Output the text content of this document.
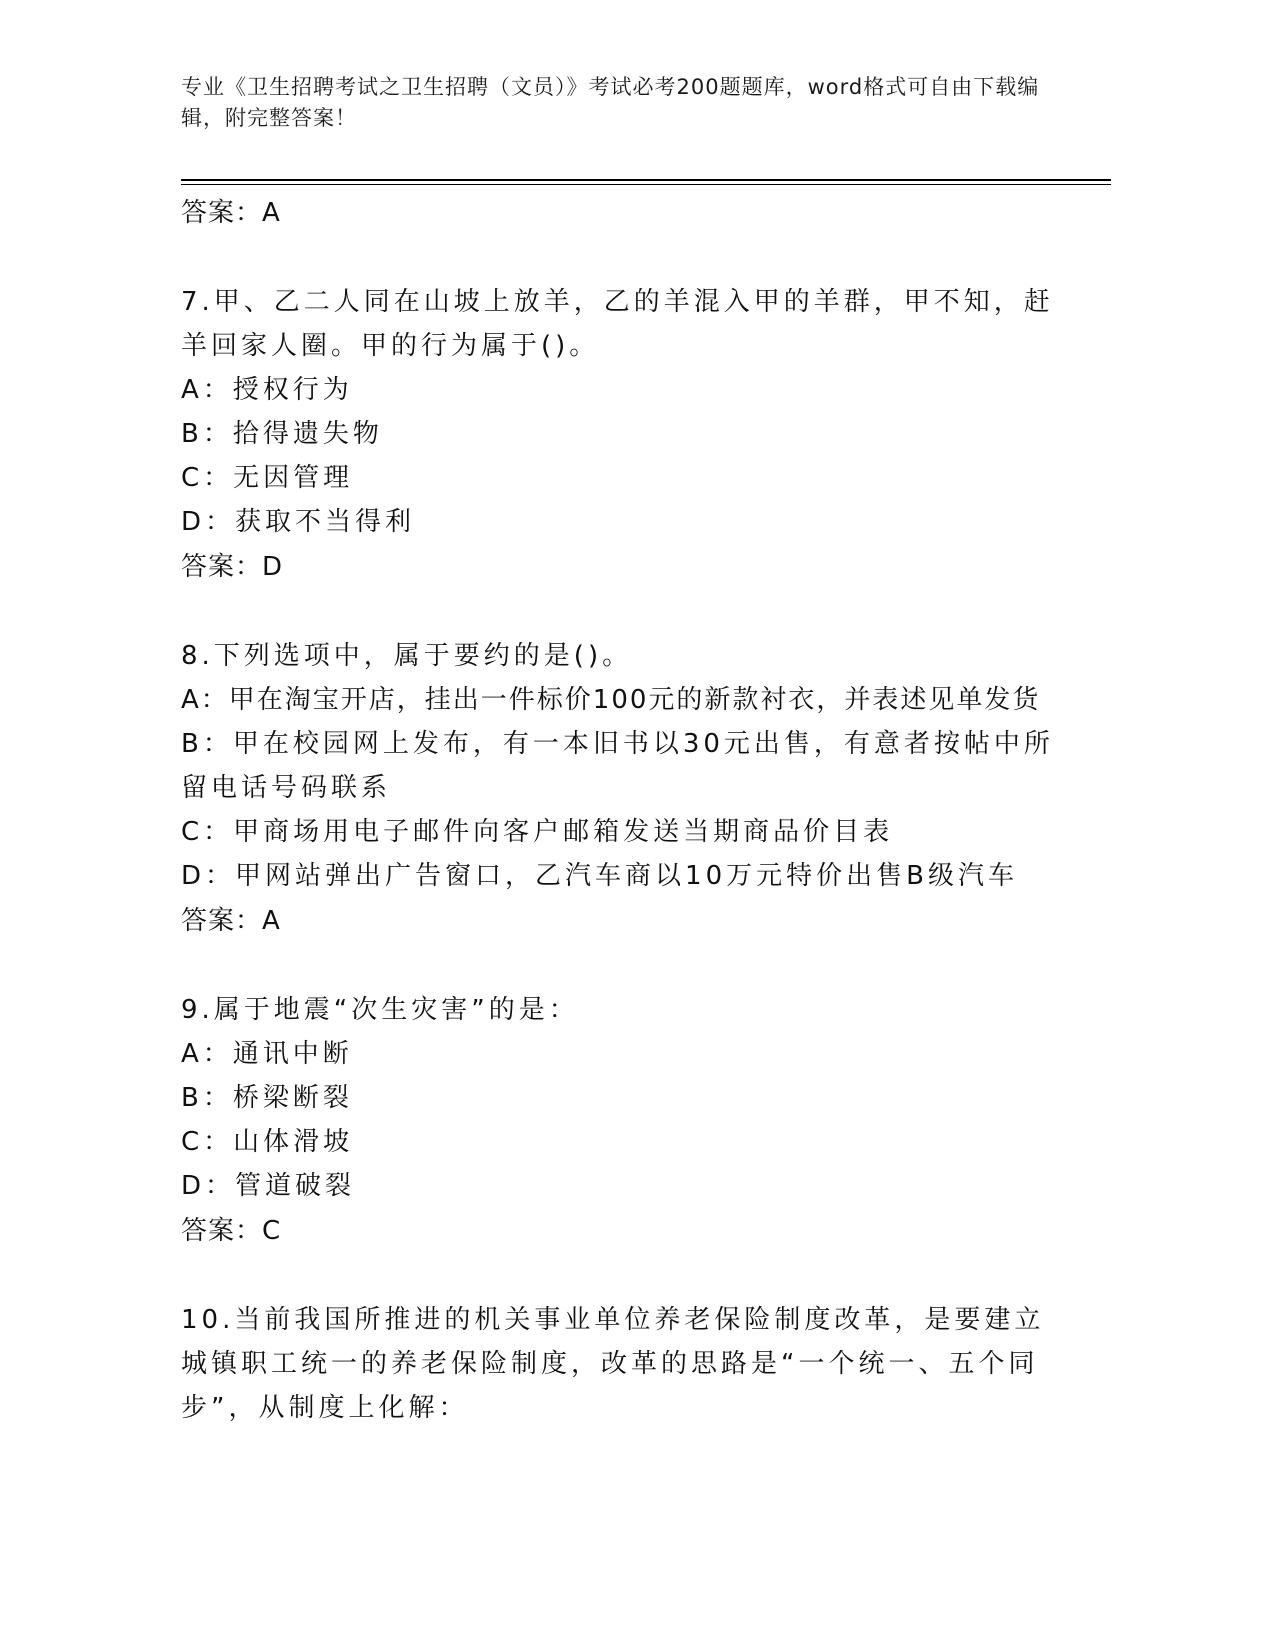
专业《卫生招聘考试之卫生招聘（文员）》考试必考200题题库，word格式可自由下载编辑，附完整答案！
答案：A
7.甲、乙二人同在山坡上放羊，乙的羊混入甲的羊群，甲不知，赶羊回家人圈。甲的行为属于()。
A：授权行为
B：拾得遗失物
C：无因管理
D：获取不当得利
答案：D
8.下列选项中，属于要约的是()。
A：甲在淘宝开店，挂出一件标价100元的新款衬衣，并表述见单发货
B：甲在校园网上发布，有一本旧书以30元出售，有意者按帖中所留电话号码联系
C：甲商场用电子邮件向客户邮箱发送当期商品价目表
D：甲网站弹出广告窗口，乙汽车商以10万元特价出售B级汽车
答案：A
9.属于地震“次生灾害”的是：
A：通讯中断
B：桥梁断裂
C：山体滑坡
D：管道破裂
答案：C
10.当前我国所推进的机关事业单位养老保险制度改革，是要建立城镇职工统一的养老保险制度，改革的思路是“一个统一、五个同步”，从制度上化解：
